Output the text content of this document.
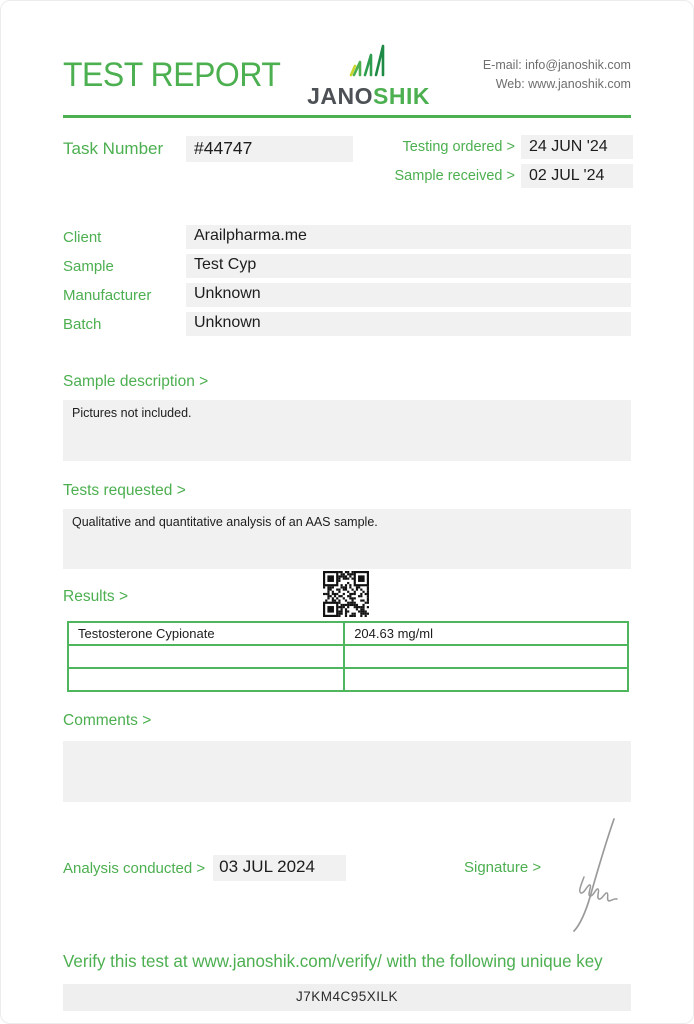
TEST REPORT
JANOSHIK
E-mail: info@janoshik.com
Web: www.janoshik.com
Task Number	#44747	Testing ordered > 24 JUN '24
Sample received > 02 JUL '24
Client	Arailpharma.me
Sample	Test Cyp
Manufacturer	Unknown
Batch	Unknown
Sample description >
Pictures not included.
Tests requested >
Qualitative and quantitative analysis of an AAS sample.
Results >
Testosterone Cypionate	204.63 mg/ml
Comments >
Analysis conducted > 03 JUL 2024	Signature >
Verify this test at www.janoshik.com/verify/ with the following unique key
J7KM4C95XILK
